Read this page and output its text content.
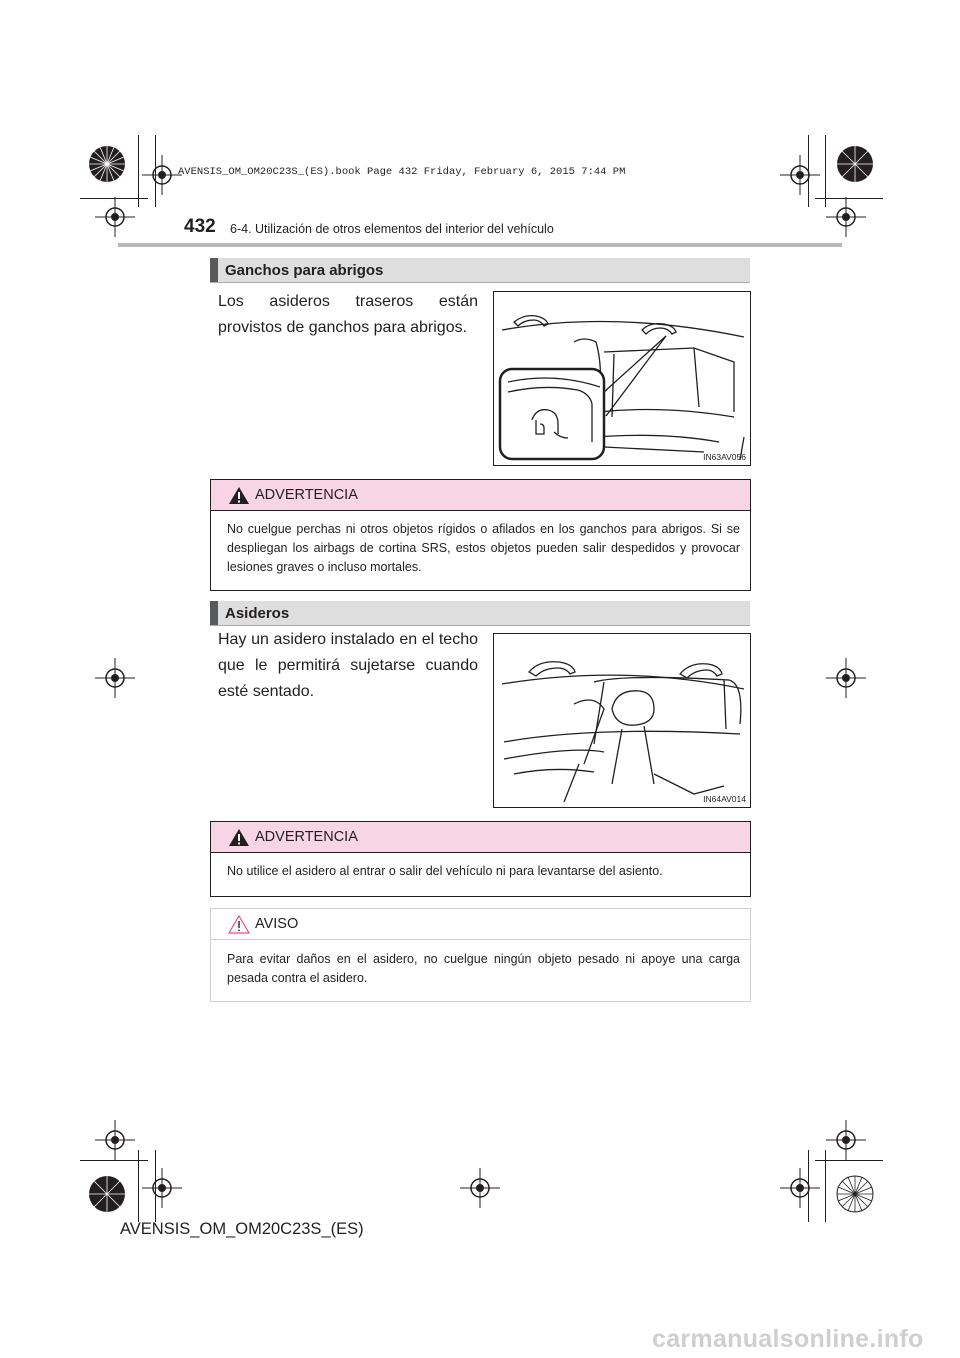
AVENSIS_OM_OM20C23S_(ES).book Page 432 Friday, February 6, 2015 7:44 PM
432 6-4. Utilización de otros elementos del interior del vehículo
Ganchos para abrigos
Los asideros traseros están provistos de ganchos para abrigos.
IN63AV056
ADVERTENCIA
No cuelgue perchas ni otros objetos rígidos o afilados en los ganchos para abrigos. Si se despliegan los airbags de cortina SRS, estos objetos pueden salir despedidos y provocar lesiones graves o incluso mortales.
Asideros
Hay un asidero instalado en el techo que le permitirá sujetarse cuando esté sentado.
IN64AV014
ADVERTENCIA
No utilice el asidero al entrar o salir del vehículo ni para levantarse del asiento.
AVISO
Para evitar daños en el asidero, no cuelgue ningún objeto pesado ni apoye una carga pesada contra el asidero.
AVENSIS_OM_OM20C23S_(ES)
carmanualsonline.info
